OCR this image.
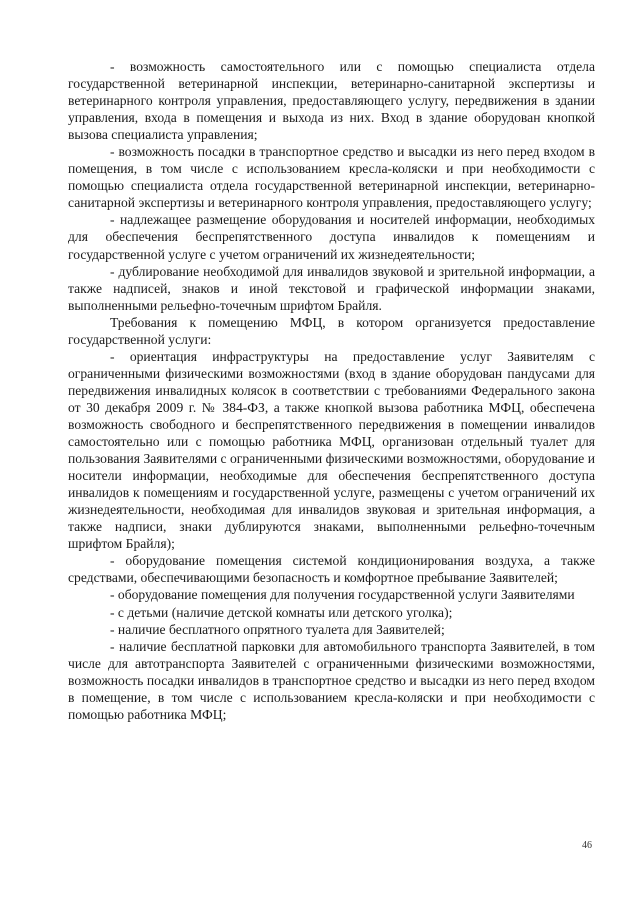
- возможность самостоятельного или с помощью специалиста отдела государственной ветеринарной инспекции, ветеринарно-санитарной экспертизы и ветеринарного контроля управления, предоставляющего услугу, передвижения в здании управления, входа в помещения и выхода из них. Вход в здание оборудован кнопкой вызова специалиста управления;

- возможность посадки в транспортное средство и высадки из него перед входом в помещения, в том числе с использованием кресла-коляски и при необходимости с помощью специалиста отдела государственной ветеринарной инспекции, ветеринарно-санитарной экспертизы и ветеринарного контроля управления, предоставляющего услугу;

- надлежащее размещение оборудования и носителей информации, необходимых для обеспечения беспрепятственного доступа инвалидов к помещениям и государственной услуге с учетом ограничений их жизнедеятельности;

- дублирование необходимой для инвалидов звуковой и зрительной информации, а также надписей, знаков и иной текстовой и графической информации знаками, выполненными рельефно-точечным шрифтом Брайля.

Требования к помещению МФЦ, в котором организуется предоставление государственной услуги:

- ориентация инфраструктуры на предоставление услуг Заявителям с ограниченными физическими возможностями (вход в здание оборудован пандусами для передвижения инвалидных колясок в соответствии с требованиями Федерального закона от 30 декабря 2009 г. № 384-ФЗ, а также кнопкой вызова работника МФЦ, обеспечена возможность свободного и беспрепятственного передвижения в помещении инвалидов самостоятельно или с помощью работника МФЦ, организован отдельный туалет для пользования Заявителями с ограниченными физическими возможностями, оборудование и носители информации, необходимые для обеспечения беспрепятственного доступа инвалидов к помещениям и государственной услуге, размещены с учетом ограничений их жизнедеятельности, необходимая для инвалидов звуковая и зрительная информация, а также надписи, знаки дублируются знаками, выполненными рельефно-точечным шрифтом Брайля);

- оборудование помещения системой кондиционирования воздуха, а также средствами, обеспечивающими безопасность и комфортное пребывание Заявителей;

- оборудование помещения для получения государственной услуги Заявителями

- с детьми (наличие детской комнаты или детского уголка);

- наличие бесплатного опрятного туалета для Заявителей;

- наличие бесплатной парковки для автомобильного транспорта Заявителей, в том числе для автотранспорта Заявителей с ограниченными физическими возможностями, возможность посадки инвалидов в транспортное средство и высадки из него перед входом в помещение, в том числе с использованием кресла-коляски и при необходимости с помощью работника МФЦ;

46
